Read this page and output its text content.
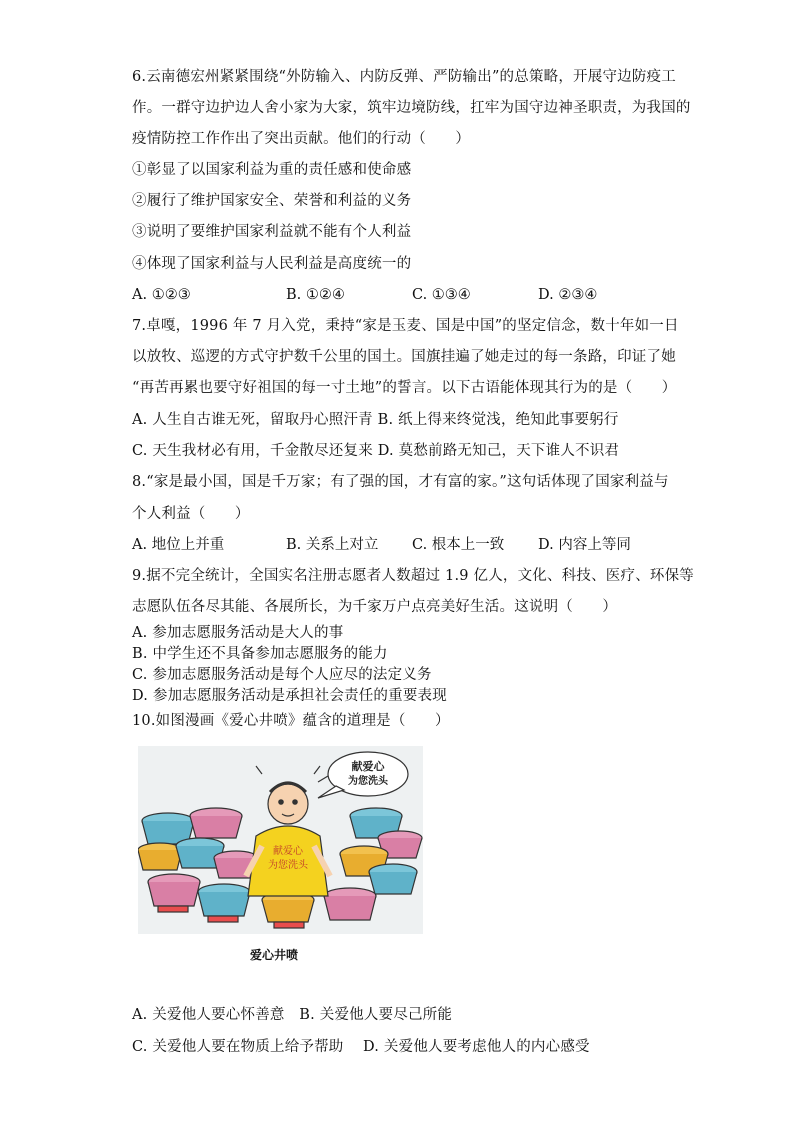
6.云南德宏州紧紧围绕“外防输入、内防反弹、严防输出”的总策略，开展守边防疫工
作。一群守边护边人舍小家为大家，筑牢边境防线，扛牢为国守边神圣职责，为我国的
疫情防控工作作出了突出贡献。他们的行动（　　）
①彰显了以国家利益为重的责任感和使命感
②履行了维护国家安全、荣誉和利益的义务
③说明了要维护国家利益就不能有个人利益
④体现了国家利益与人民利益是高度统一的
A. ①②③	B. ①②④	C. ①③④	D. ②③④
7.卓嘎，1996 年 7 月入党，秉持“家是玉麦、国是中国”的坚定信念，数十年如一日
以放牧、巡逻的方式守护数千公里的国土。国旗挂遍了她走过的每一条路，印证了她
“再苦再累也要守好祖国的每一寸土地”的誓言。以下古语能体现其行为的是（　　）
A. 人生自古谁无死，留取丹心照汗青 B. 纸上得来终觉浅，绝知此事要躬行
C. 天生我材必有用，千金散尽还复来 D. 莫愁前路无知己，天下谁人不识君
8.“家是最小国，国是千万家；有了强的国，才有富的家。”这句话体现了国家利益与
个人利益（　　）
A. 地位上并重	B. 关系上对立 C. 根本上一致 D. 内容上等同
9.据不完全统计，全国实名注册志愿者人数超过 1.9 亿人，文化、科技、医疗、环保等
志愿队伍各尽其能、各展所长，为千家万户点亮美好生活。这说明（　　）
A. 参加志愿服务活动是大人的事
B. 中学生还不具备参加志愿服务的能力
C. 参加志愿服务活动是每个人应尽的法定义务
D. 参加志愿服务活动是承担社会责任的重要表现
10.如图漫画《爱心井喷》蕴含的道理是（　　）
献爱心
为您洗头
献爱心
为您洗头
爱心井喷
A. 关爱他人要心怀善意　B. 关爱他人要尽己所能
C. 关爱他人要在物质上给予帮助　 D. 关爱他人要考虑他人的内心感受
